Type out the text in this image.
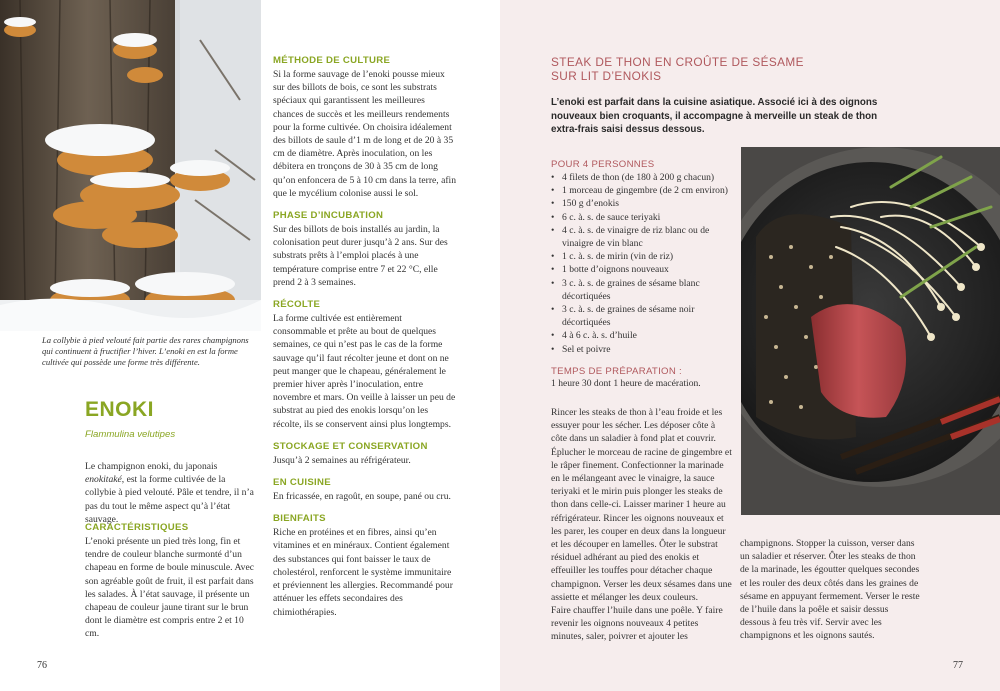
La collybie à pied velouté fait partie des rares champignons qui continuent à fructifier l’hiver. L’enoki en est la forme cultivée qui possède une forme très différente.

ENOKI

Flammulina velutipes

Le champignon enoki, du japonais enokitaké, est la forme cultivée de la collybie à pied velouté. Pâle et tendre, il n’a pas du tout le même aspect qu’à l’état sauvage.

CARACTÉRISTIQUES

L’enoki présente un pied très long, fin et tendre de couleur blanche surmonté d’un chapeau en forme de boule minuscule. Avec son agréable goût de fruit, il est parfait dans les salades. À l’état sauvage, il présente un chapeau de couleur jaune tirant sur le brun dont le diamètre est compris entre 2 et 10 cm.

MÉTHODE DE CULTURE

Si la forme sauvage de l’enoki pousse mieux sur des billots de bois, ce sont les substrats spéciaux qui garantissent les meilleures chances de succès et les meilleurs rendements pour la forme cultivée. On choisira idéalement des billots de saule d’1 m de long et de 20 à 35 cm de diamètre. Après inoculation, on les débitera en tronçons de 30 à 35 cm de long qu’on enfoncera de 5 à 10 cm dans la terre, afin que le mycélium colonise aussi le sol.

PHASE D’INCUBATION

Sur des billots de bois installés au jardin, la colonisation peut durer jusqu’à 2 ans. Sur des substrats prêts à l’emploi placés à une température comprise entre 7 et 22 °C, elle prend 2 à 3 semaines.

RÉCOLTE

La forme cultivée est entièrement consommable et prête au bout de quelques semaines, ce qui n’est pas le cas de la forme sauvage qu’il faut récolter jeune et dont on ne peut manger que le chapeau, généralement le premier hiver après l’inoculation, entre novembre et mars. On veille à laisser un peu de substrat au pied des enokis lorsqu’on les récolte, ils se conservent ainsi plus longtemps.

STOCKAGE ET CONSERVATION

Jusqu’à 2 semaines au réfrigérateur.

EN CUISINE

En fricassée, en ragoût, en soupe, pané ou cru.

BIENFAITS

Riche en protéines et en fibres, ainsi qu’en vitamines et en minéraux. Contient également des substances qui font baisser le taux de cholestérol, renforcent le système immunitaire et préviennent les allergies. Recommandé pour atténuer les effets secondaires des chimiothérapies.

76
STEAK DE THON EN CROÛTE DE SÉSAME
SUR LIT D’ENOKIS

L’enoki est parfait dans la cuisine asiatique. Associé ici à des oignons nouveaux bien croquants, il accompagne à merveille un steak de thon extra-frais saisi dessus dessous.

POUR 4 PERSONNES
• 4 filets de thon (de 180 à 200 g chacun)
• 1 morceau de gingembre (de 2 cm environ)
• 150 g d’enokis
• 6 c. à. s. de sauce teriyaki
• 4 c. à. s. de vinaigre de riz blanc ou de vinaigre de vin blanc
• 1 c. à. s. de mirin (vin de riz)
• 1 botte d’oignons nouveaux
• 3 c. à. s. de graines de sésame blanc décortiquées
• 3 c. à. s. de graines de sésame noir décortiquées
• 4 à 6 c. à. s. d’huile
• Sel et poivre
TEMPS DE PRÉPARATION :

1 heure 30 dont 1 heure de macération.

Rincer les steaks de thon à l’eau froide et les essuyer pour les sécher. Les déposer côte à côte dans un saladier à fond plat et couvrir. Éplucher le morceau de racine de gingembre et le râper finement. Confectionner la marinade en le mélangeant avec le vinaigre, la sauce teriyaki et le mirin puis plonger les steaks de thon dans celle-ci. Laisser mariner 1 heure au réfrigérateur. Rincer les oignons nouveaux et les parer, les couper en deux dans la longueur et les découper en lamelles. Ôter le substrat résiduel adhérant au pied des enokis et effeuiller les touffes pour détacher chaque champignon. Verser les deux sésames dans une assiette et mélanger les deux couleurs.

Faire chauffer l’huile dans une poêle. Y faire revenir les oignons nouveaux 4 petites minutes, saler, poivrer et ajouter les

champignons. Stopper la cuisson, verser dans un saladier et réserver. Ôter les steaks de thon de la marinade, les égoutter quelques secondes et les rouler des deux côtés dans les graines de sésame en appuyant fermement. Verser le reste de l’huile dans la poêle et saisir dessus dessous à feu très vif. Servir avec les champignons et les oignons sautés.

77
